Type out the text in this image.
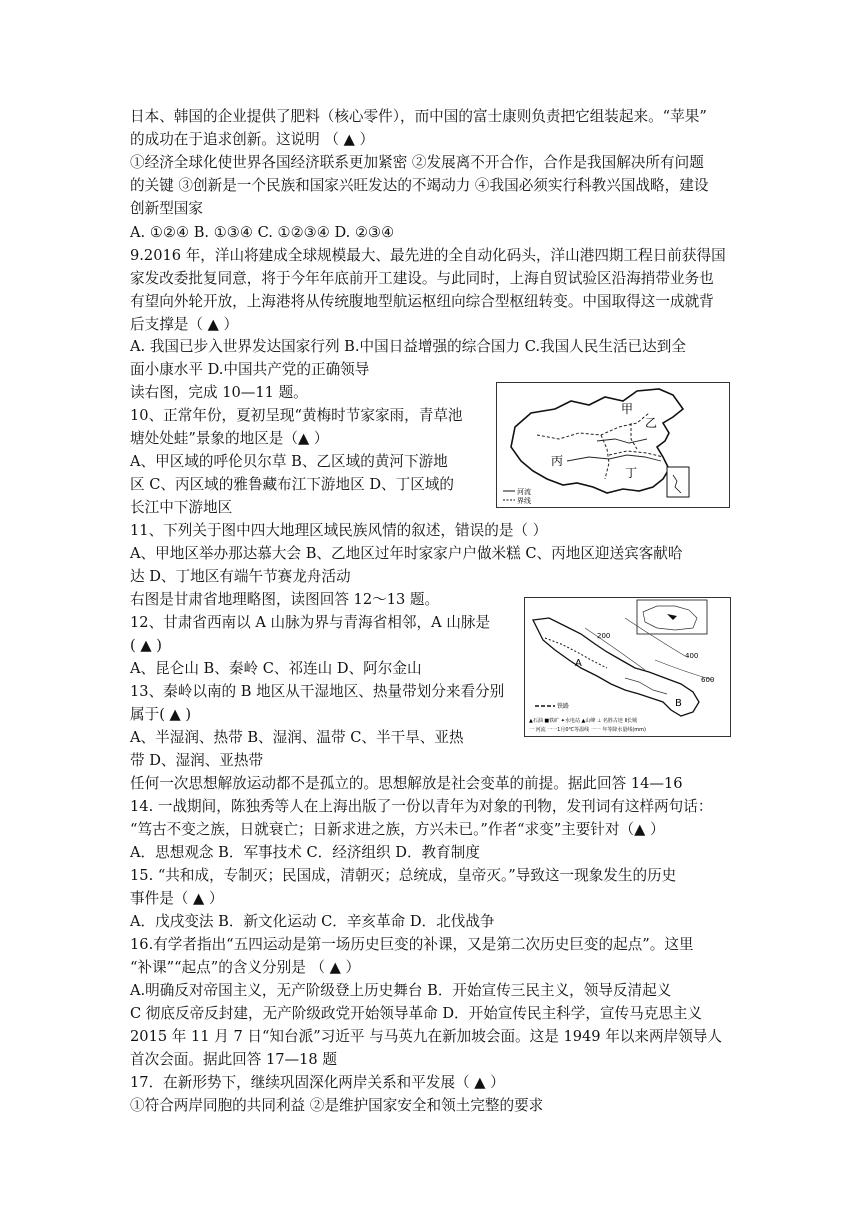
日本、韩国的企业提供了肥料（核心零件），而中国的富士康则负责把它组装起来。“苹果”
的成功在于追求创新。这说明 （ ▲ ）
①经济全球化使世界各国经济联系更加紧密 ②发展离不开合作，合作是我国解决所有问题
的关键 ③创新是一个民族和国家兴旺发达的不竭动力 ④我国必须实行科教兴国战略，建设
创新型国家
A. ①②④ B. ①③④ C. ①②③④ D. ②③④
9.2016 年，洋山将建成全球规模最大、最先进的全自动化码头，洋山港四期工程日前获得国
家发改委批复同意，将于今年年底前开工建设。与此同时，上海自贸试验区沿海捎带业务也
有望向外轮开放，上海港将从传统腹地型航运枢纽向综合型枢纽转变。中国取得这一成就背
后支撑是（ ▲ ）
A. 我国已步入世界发达国家行列 B.中国日益增强的综合国力 C.我国人民生活已达到全
面小康水平 D.中国共产党的正确领导
读右图，完成 10—11 题。
10、正常年份，夏初呈现“黄梅时节家家雨，青草池
塘处处蛙”景象的地区是（▲ ）
A、甲区域的呼伦贝尔草 B、乙区域的黄河下游地
区 C、丙区域的雅鲁藏布江下游地区 D、丁区域的
长江中下游地区
11、下列关于图中四大地理区域民族风情的叙述，错误的是（ ）
A、甲地区举办那达慕大会 B、乙地区过年时家家户户做米糕 C、丙地区迎送宾客献哈
达 D、丁地区有端午节赛龙舟活动
右图是甘肃省地理略图，读图回答 12～13 题。
12、甘肃省西南以 A 山脉为界与青海省相邻，A 山脉是
( ▲ )
A、昆仑山 B、秦岭 C、祁连山 D、阿尔金山
13、秦岭以南的 B 地区从干湿地区、热量带划分来看分别
属于( ▲ )
A、半湿润、热带 B、湿润、温带 C、半干旱、亚热
带 D、湿润、亚热带
任何一次思想解放运动都不是孤立的。思想解放是社会变革的前提。据此回答 14—16
14. 一战期间，陈独秀等人在上海出版了一份以青年为对象的刊物，发刊词有这样两句话：
“笃古不变之族，日就衰亡；日新求进之族，方兴未已。”作者“求变”主要针对（▲ ）
A．思想观念 B．军事技术 C．经济组织 D．教育制度
15. “共和成，专制灭；民国成，清朝灭；总统成，皇帝灭。”导致这一现象发生的历史
事件是（ ▲ ）
A．戊戌变法 B．新文化运动 C．辛亥革命 D．北伐战争
16.有学者指出“五四运动是第一场历史巨变的补课，又是第二次历史巨变的起点”。这里
“补课”“起点”的含义分别是 （ ▲ ）
A.明确反对帝国主义，无产阶级登上历史舞台 B．开始宣传三民主义，领导反清起义
C 彻底反帝反封建，无产阶级政党开始领导革命 D．开始宣传民主科学，宣传马克思主义
2015 年 11 月 7 日“知台派”习近平 与马英九在新加坡会面。这是 1949 年以来两岸领导人
首次会面。据此回答 17—18 题
17．在新形势下，继续巩固深化两岸关系和平发展（ ▲ ）
①符合两岸同胞的共同利益 ②是维护国家安全和领土完整的要求
甲
乙
丙
丁
河流
界线
A
B
400
200
600
铁路
▲石油 ■铁矿 ✦水电站 ▲山峰 ⊥ 名胜古迹 Ⅱ长城
一 河流 一一1月0℃等温线 一一 年等降水量线(mm)
